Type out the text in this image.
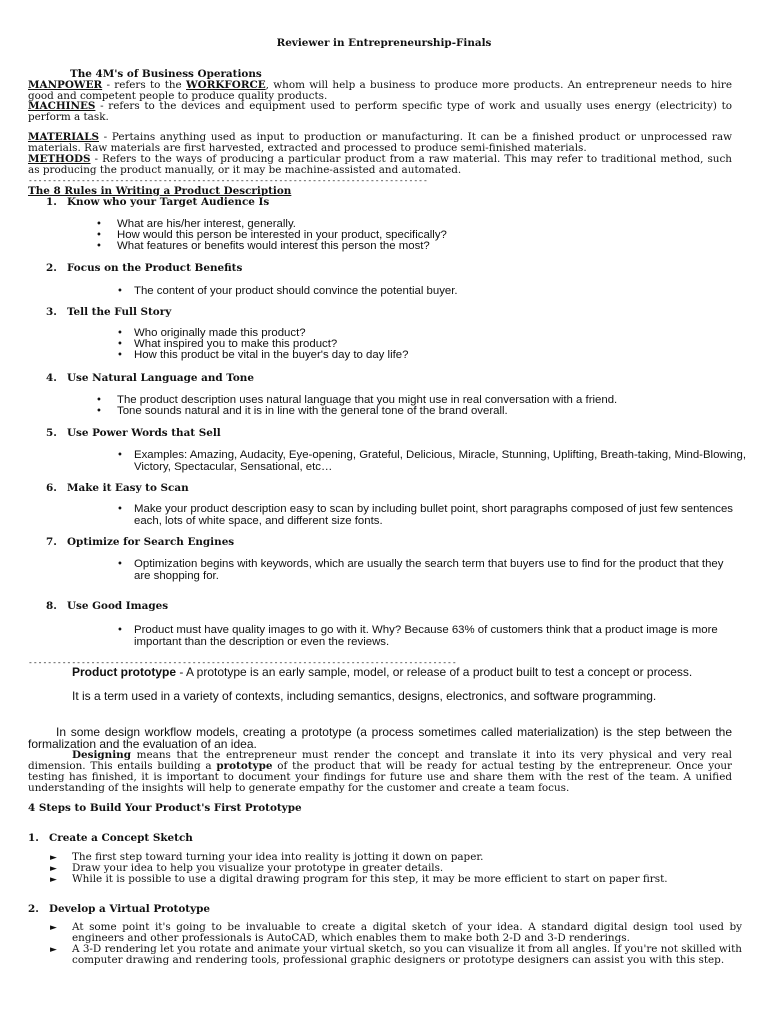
Reviewer in Entrepreneurship-Finals
The 4M's of Business Operations
MANPOWER - refers to the WORKFORCE, whom will help a business to produce more products. An entrepreneur needs to hire good and competent people to produce quality products.
MACHINES - refers to the devices and equipment used to perform specific type of work and usually uses energy (electricity) to perform a task.
MATERIALS - Pertains anything used as input to production or manufacturing. It can be a finished product or unprocessed raw materials. Raw materials are first harvested, extracted and processed to produce semi-finished materials.
METHODS - Refers to the ways of producing a particular product from a raw material. This may refer to traditional method, such as producing the product manually, or it may be machine-assisted and automated.
-----------------------------------------------------------------------------------
The 8 Rules in Writing a Product Description
1. Know who your Target Audience Is
• What are his/her interest, generally.
• How would this person be interested in your product, specifically?
• What features or benefits would interest this person the most?
2. Focus on the Product Benefits
• The content of your product should convince the potential buyer.
3. Tell the Full Story
• Who originally made this product?
• What inspired you to make this product?
• How this product be vital in the buyer's day to day life?
4. Use Natural Language and Tone
• The product description uses natural language that you might use in real conversation with a friend.
• Tone sounds natural and it is in line with the general tone of the brand overall.
5. Use Power Words that Sell
• Examples: Amazing, Audacity, Eye-opening, Grateful, Delicious, Miracle, Stunning, Uplifting, Breath-taking, Mind-Blowing, Victory, Spectacular, Sensational, etc…
6. Make it Easy to Scan
• Make your product description easy to scan by including bullet point, short paragraphs composed of just few sentences each, lots of white space, and different size fonts.
7. Optimize for Search Engines
• Optimization begins with keywords, which are usually the search term that buyers use to find for the product that they are shopping for.
8. Use Good Images
• Product must have quality images to go with it. Why? Because 63% of customers think that a product image is more important than the description or even the reviews.
-----------------------------------------------------------------------------------------
Product prototype - A prototype is an early sample, model, or release of a product built to test a concept or process.
It is a term used in a variety of contexts, including semantics, designs, electronics, and software programming.
In some design workflow models, creating a prototype (a process sometimes called materialization) is the step between the formalization and the evaluation of an idea.
Designing means that the entrepreneur must render the concept and translate it into its very physical and very real dimension. This entails building a prototype of the product that will be ready for actual testing by the entrepreneur. Once your testing has finished, it is important to document your findings for future use and share them with the rest of the team. A unified understanding of the insights will help to generate empathy for the customer and create a team focus.
4 Steps to Build Your Product's First Prototype
1. Create a Concept Sketch
► The first step toward turning your idea into reality is jotting it down on paper.
► Draw your idea to help you visualize your prototype in greater details.
► While it is possible to use a digital drawing program for this step, it may be more efficient to start on paper first.
2. Develop a Virtual Prototype
► At some point it's going to be invaluable to create a digital sketch of your idea. A standard digital design tool used by engineers and other professionals is AutoCAD, which enables them to make both 2-D and 3-D renderings.
► A 3-D rendering let you rotate and animate your virtual sketch, so you can visualize it from all angles. If you're not skilled with computer drawing and rendering tools, professional graphic designers or prototype designers can assist you with this step.
